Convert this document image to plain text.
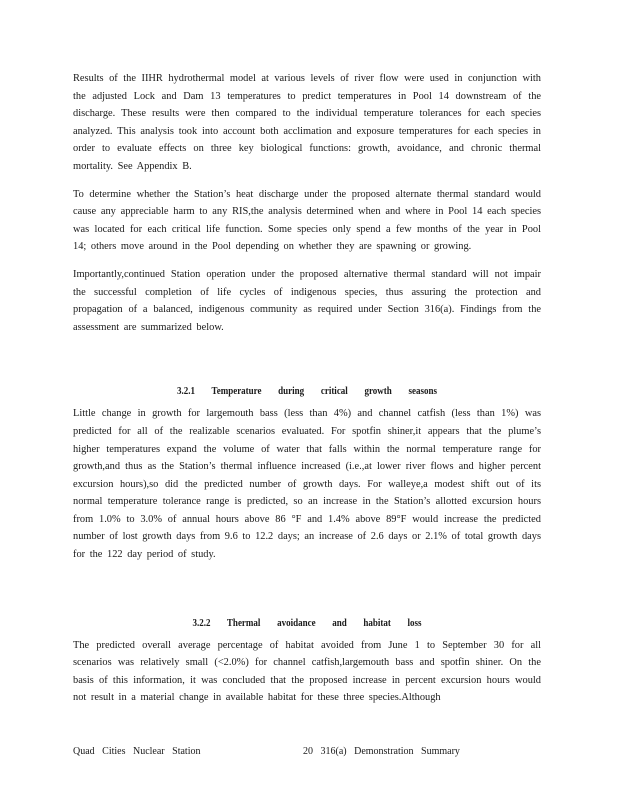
Results of the IIHR hydrothermal model at various levels of river flow were used in conjunction with the adjusted Lock and Dam 13 temperatures to predict temperatures in Pool 14 downstream of the discharge. These results were then compared to the individual temperature tolerances for each species analyzed. This analysis took into account both acclimation and exposure temperatures for each species in order to evaluate effects on three key biological functions: growth, avoidance, and chronic thermal mortality. See Appendix B.

To determine whether the Station’s heat discharge under the proposed alternate thermal standard would cause any appreciable harm to any RIS,the analysis determined when and where in Pool 14 each species was located for each critical life function. Some species only spend a few months of the year in Pool 14; others move around in the Pool depending on whether they are spawning or growing.

Importantly,continued Station operation under the proposed alternative thermal standard will not impair the successful completion of life cycles of indigenous species, thus assuring the protection and propagation of a balanced, indigenous community as required under Section 316(a). Findings from the assessment are summarized below.

3.2.1 Temperature during critical growth seasons

Little change in growth for largemouth bass (less than 4%) and channel catfish (less than 1%) was predicted for all of the realizable scenarios evaluated. For spotfin shiner,it appears that the plume’s higher temperatures expand the volume of water that falls within the normal temperature range for growth,and thus as the Station’s thermal influence increased (i.e.,at lower river flows and higher percent excursion hours),so did the predicted number of growth days. For walleye,a modest shift out of its normal temperature tolerance range is predicted, so an increase in the Station’s allotted excursion hours from 1.0% to 3.0% of annual hours above 86 °F and 1.4% above 89°F would increase the predicted number of lost growth days from 9.6 to 12.2 days; an increase of 2.6 days or 2.1% of total growth days for the 122 day period of study.

3.2.2 Thermal avoidance and habitat loss

The predicted overall average percentage of habitat avoided from June 1 to September 30 for all scenarios was relatively small (<2.0%) for channel catfish,largemouth bass and spotfin shiner. On the basis of this information, it was concluded that the proposed increase in percent excursion hours would not result in a material change in available habitat for these three species.Although

Quad Cities Nuclear Station	20 316(a) Demonstration Summary
